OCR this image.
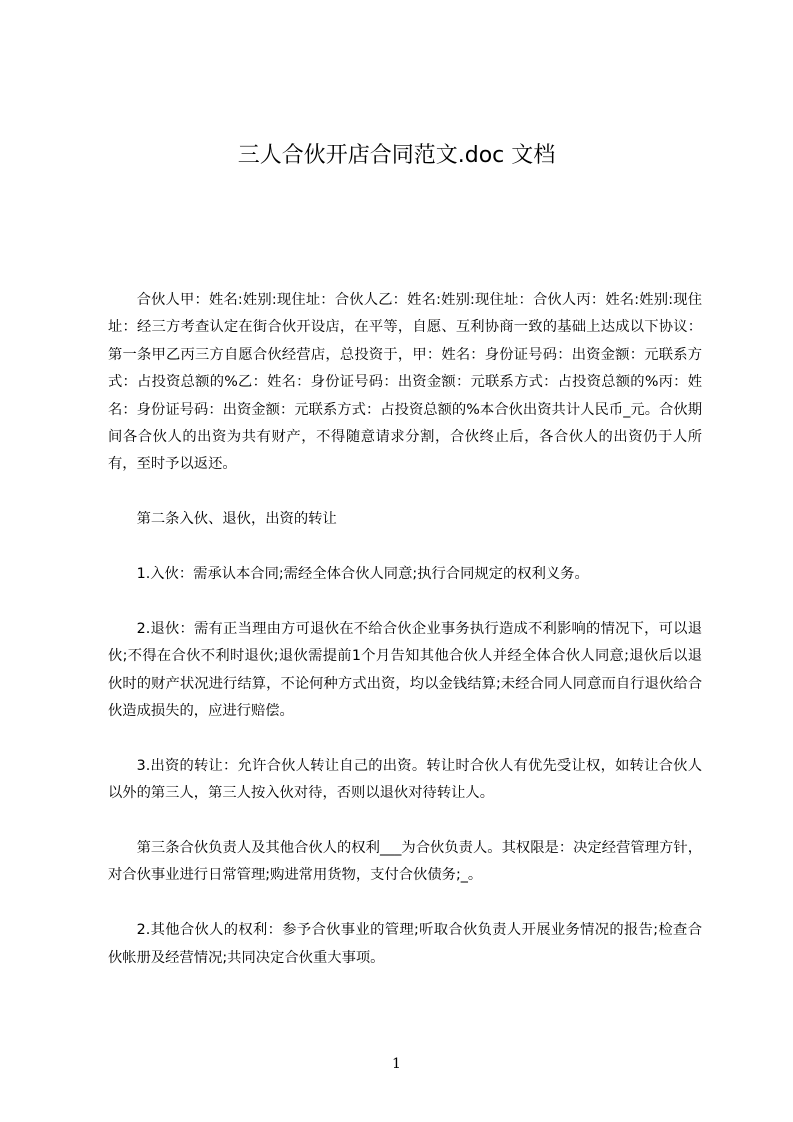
三人合伙开店合同范文.doc 文档

合伙人甲：姓名:姓别:现住址：合伙人乙：姓名:姓别:现住址：合伙人丙：姓名:姓别:现住址：经三方考查认定在街合伙开设店，在平等，自愿、互利协商一致的基础上达成以下协议：第一条甲乙丙三方自愿合伙经营店，总投资于，甲：姓名：身份证号码：出资金额：元联系方式：占投资总额的%乙：姓名：身份证号码：出资金额：元联系方式：占投资总额的%丙：姓名：身份证号码：出资金额：元联系方式：占投资总额的%本合伙出资共计人民币_元。合伙期间各合伙人的出资为共有财产，不得随意请求分割，合伙终止后，各合伙人的出资仍于人所有，至时予以返还。

第二条入伙、退伙，出资的转让

1.入伙：需承认本合同;需经全体合伙人同意;执行合同规定的权利义务。

2.退伙：需有正当理由方可退伙在不给合伙企业事务执行造成不利影响的情况下，可以退伙;不得在合伙不利时退伙;退伙需提前1个月告知其他合伙人并经全体合伙人同意;退伙后以退伙时的财产状况进行结算，不论何种方式出资，均以金钱结算;未经合同人同意而自行退伙给合伙造成损失的，应进行赔偿。

3.出资的转让：允许合伙人转让自己的出资。转让时合伙人有优先受让权，如转让合伙人以外的第三人，第三人按入伙对待，否则以退伙对待转让人。

第三条合伙负责人及其他合伙人的权利___为合伙负责人。其权限是：决定经营管理方针，对合伙事业进行日常管理;购进常用货物，支付合伙债务;_。

2.其他合伙人的权利：参予合伙事业的管理;听取合伙负责人开展业务情况的报告;检查合伙帐册及经营情况;共同决定合伙重大事项。

1
